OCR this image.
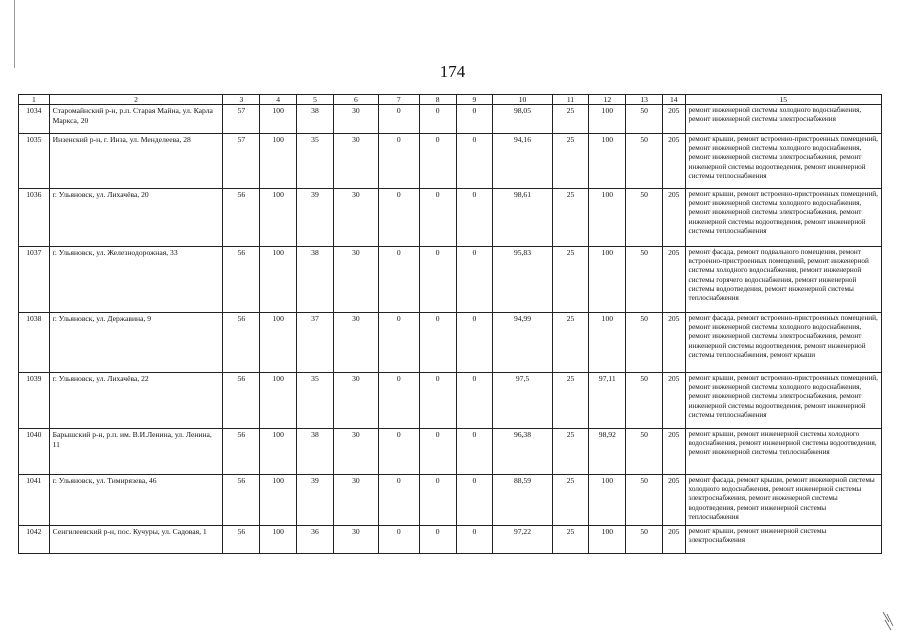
174
1	2	3	4	5	6	7	8	9	10	11	12	13	14	15
1034	Старомайнский р-н, р.п. Старая Майна, ул. Карла Маркса, 20	57	100	38	30	0	0	0	98,05	25	100	50	205	ремонт инженерной системы холодного водоснабжения, ремонт инженерной системы электроснабжения
1035	Инзенский р-н, г. Инза, ул. Менделеева, 28	57	100	35	30	0	0	0	94,16	25	100	50	205	ремонт крыши, ремонт встроенно-пристроенных помещений, ремонт инженерной системы холодного водоснабжения, ремонт инженерной системы электроснабжения, ремонт инженерной системы водоотведения, ремонт инженерной системы теплоснабжения
1036	г. Ульяновск, ул. Лихачёва, 20	56	100	39	30	0	0	0	98,61	25	100	50	205	ремонт крыши, ремонт встроенно-пристроенных помещений, ремонт инженерной системы холодного водоснабжения, ремонт инженерной системы электроснабжения, ремонт инженерной системы водоотведения, ремонт инженерной системы теплоснабжения
1037	г. Ульяновск, ул. Железнодорожная, 33	56	100	38	30	0	0	0	95,83	25	100	50	205	ремонт фасада, ремонт подвального помещения, ремонт встроенно-пристроенных помещений, ремонт инженерной системы холодного водоснабжения, ремонт инженерной системы горячего водоснабжения, ремонт инженерной системы водоотведения, ремонт инженерной системы теплоснабжения
1038	г. Ульяновск, ул. Державина, 9	56	100	37	30	0	0	0	94,99	25	100	50	205	ремонт фасада, ремонт встроенно-пристроенных помещений, ремонт инженерной системы холодного водоснабжения, ремонт инженерной системы электроснабжения, ремонт инженерной системы водоотведения, ремонт инженерной системы теплоснабжения, ремонт крыши
1039	г. Ульяновск, ул. Лихачёва, 22	56	100	35	30	0	0	0	97,5	25	97,11	50	205	ремонт крыши, ремонт встроенно-пристроенных помещений, ремонт инженерной системы холодного водоснабжения, ремонт инженерной системы электроснабжения, ремонт инженерной системы водоотведения, ремонт инженерной системы теплоснабжения
1040	Барышский р-н, р.п. им. В.И.Ленина, ул. Ленина, 11	56	100	38	30	0	0	0	96,38	25	98,92	50	205	ремонт крыши, ремонт инженерной системы холодного водоснабжения, ремонт инженерной системы водоотведения, ремонт инженерной системы теплоснабжения
1041	г. Ульяновск, ул. Тимирязева, 46	56	100	39	30	0	0	0	88,59	25	100	50	205	ремонт фасада, ремонт крыши, ремонт инженерной системы холодного водоснабжения, ремонт инженерной системы электроснабжения, ремонт инженерной системы водоотведения, ремонт инженерной системы теплоснабжения
1042	Сенгилеевский р-н, пос. Кучуры, ул. Садовая, 1	56	100	36	30	0	0	0	97,22	25	100	50	205	ремонт крыши, ремонт инженерной системы электроснабжения
